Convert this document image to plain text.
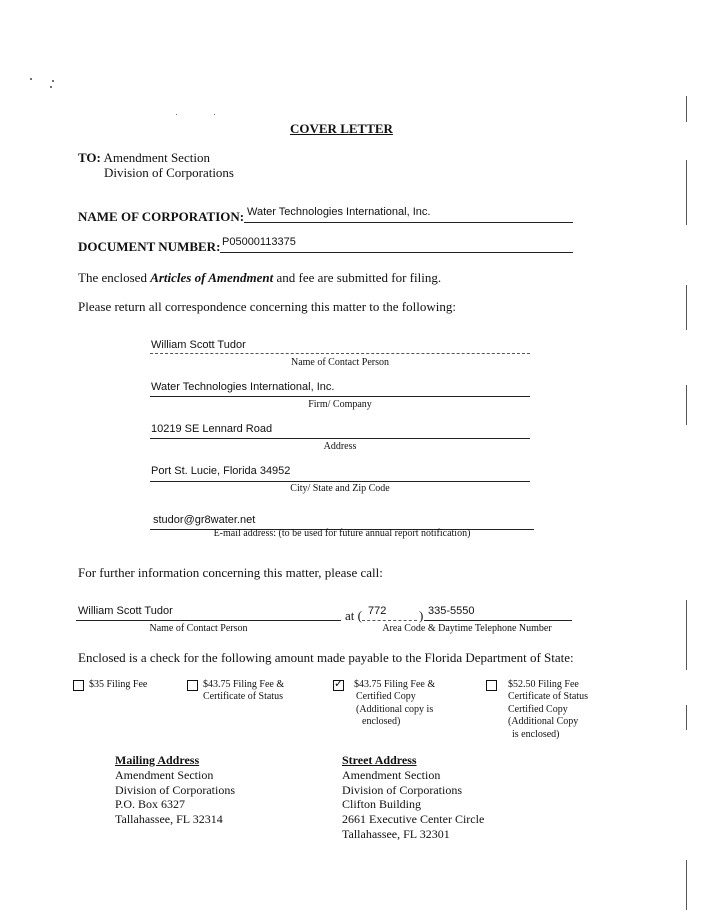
COVER LETTER
TO: Amendment Section
Division of Corporations
NAME OF CORPORATION: Water Technologies International, Inc.
DOCUMENT NUMBER: P05000113375
The enclosed Articles of Amendment and fee are submitted for filing.
Please return all correspondence concerning this matter to the following:
William Scott Tudor
Name of Contact Person
Water Technologies International, Inc.
Firm/ Company
10219 SE Lennard Road
Address
Port St. Lucie, Florida 34952
City/ State and Zip Code
studor@gr8water.net
E-mail address: (to be used for future annual report notification)
For further information concerning this matter, please call:
William Scott Tudor
Name of Contact Person
at ( 772	) 335-5550
Area Code & Daytime Telephone Number
Enclosed is a check for the following amount made payable to the Florida Department of State:
$35 Filing Fee	$43.75 Filing Fee &
Certificate of Status
✓ $43.75 Filing Fee &
Certified Copy
(Additional copy is
enclosed)
$52.50 Filing Fee
Certificate of Status
Certified Copy
(Additional Copy
is enclosed)
Mailing Address
Amendment Section
Division of Corporations
P.O. Box 6327
Tallahassee, FL 32314
Street Address
Amendment Section
Division of Corporations
Clifton Building
2661 Executive Center Circle
Tallahassee, FL 32301
